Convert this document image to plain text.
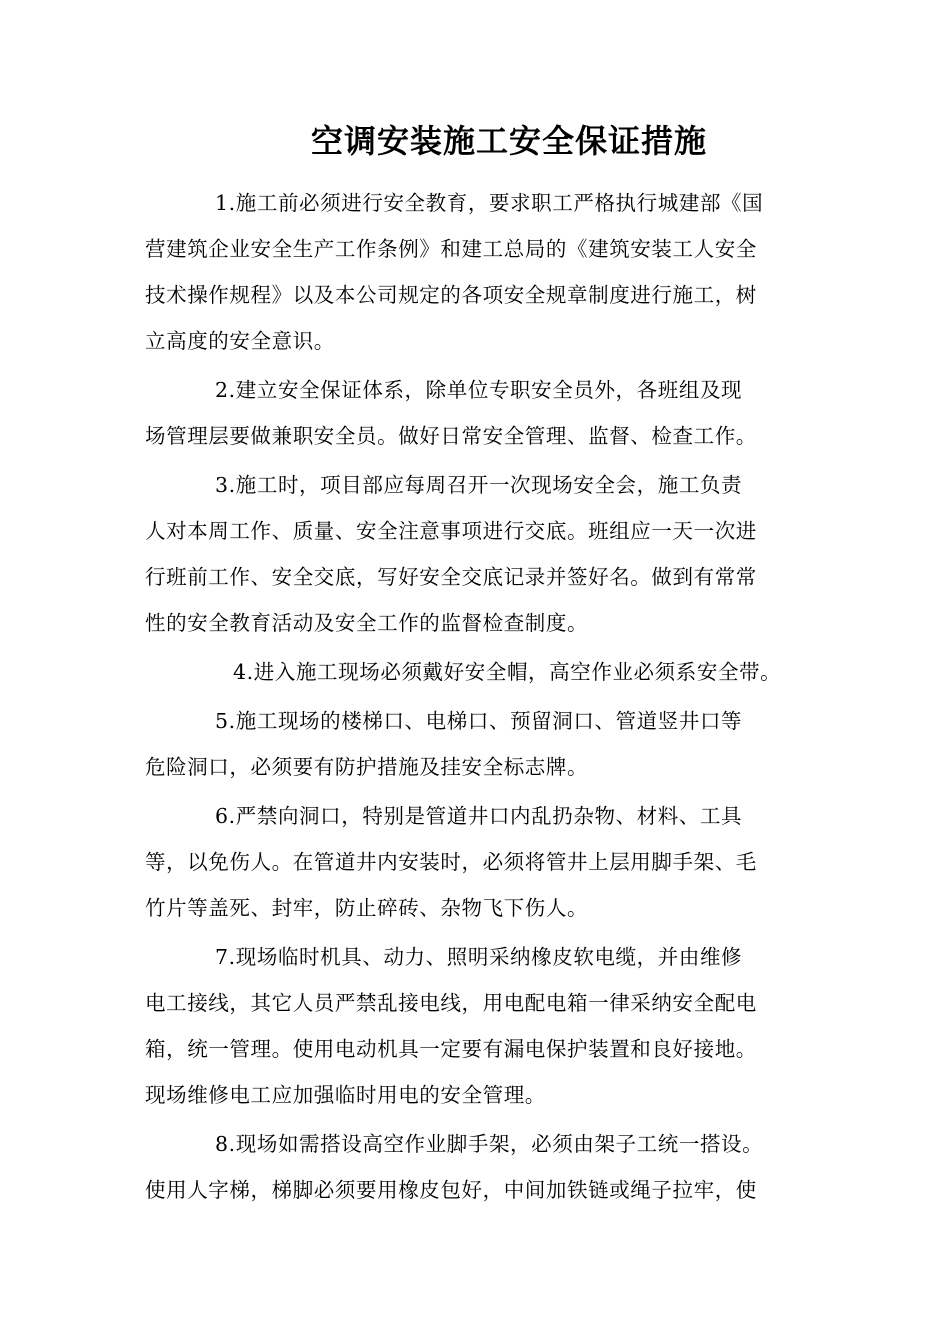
空调安装施工安全保证措施

1.施工前必须进行安全教育，要求职工严格执行城建部《国
营建筑企业安全生产工作条例》和建工总局的《建筑安装工人安全
技术操作规程》以及本公司规定的各项安全规章制度进行施工，树
立高度的安全意识。

2.建立安全保证体系，除单位专职安全员外，各班组及现
场管理层要做兼职安全员。做好日常安全管理、监督、检查工作。

3.施工时，项目部应每周召开一次现场安全会，施工负责
人对本周工作、质量、安全注意事项进行交底。班组应一天一次进
行班前工作、安全交底，写好安全交底记录并签好名。做到有常常
性的安全教育活动及安全工作的监督检查制度。

4.进入施工现场必须戴好安全帽，高空作业必须系安全带。

5.施工现场的楼梯口、电梯口、预留洞口、管道竖井口等
危险洞口，必须要有防护措施及挂安全标志牌。

6.严禁向洞口，特别是管道井口内乱扔杂物、材料、工具
等，以免伤人。在管道井内安装时，必须将管井上层用脚手架、毛
竹片等盖死、封牢，防止碎砖、杂物飞下伤人。

7.现场临时机具、动力、照明采纳橡皮软电缆，并由维修
电工接线，其它人员严禁乱接电线，用电配电箱一律采纳安全配电
箱，统一管理。使用电动机具一定要有漏电保护装置和良好接地。
现场维修电工应加强临时用电的安全管理。

8.现场如需搭设高空作业脚手架，必须由架子工统一搭设。
使用人字梯，梯脚必须要用橡皮包好，中间加铁链或绳子拉牢，使
